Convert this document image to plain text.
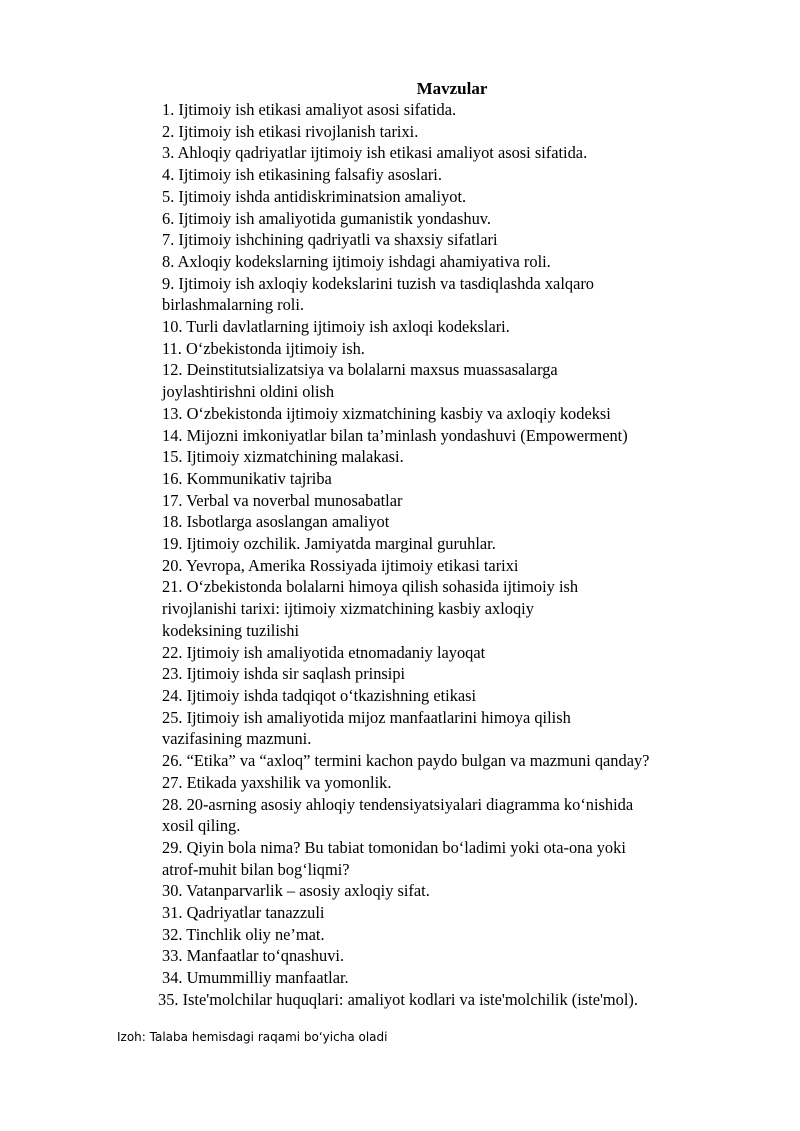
Mavzular
1. Ijtimoiy ish etikasi amaliyot asosi sifatida.
2. Ijtimoiy ish etikasi rivojlanish tarixi.
3. Ahloqiy qadriyatlar ijtimoiy ish etikasi amaliyot asosi sifatida.
4. Ijtimoiy ish etikasining falsafiy asoslari.
5. Ijtimoiy ishda antidiskriminatsion amaliyot.
6. Ijtimoiy ish amaliyotida gumanistik yondashuv.
7. Ijtimoiy ishchining qadriyatli va shaxsiy sifatlari
8. Axloqiy kodekslarning ijtimoiy ishdagi ahamiyativa roli.
9. Ijtimoiy ish axloqiy kodekslarini tuzish va tasdiqlashda xalqaro
birlashmalarning roli.
10. Turli davlatlarning ijtimoiy ish axloqi kodekslari.
11. O‘zbekistonda ijtimoiy ish.
12. Deinstitutsializatsiya va bolalarni maxsus muassasalarga
joylashtirishni oldini olish
13. O‘zbekistonda ijtimoiy xizmatchining kasbiy va axloqiy kodeksi
14. Mijozni imkoniyatlar bilan ta’minlash yondashuvi (Empowerment)
15. Ijtimoiy xizmatchining malakasi.
16. Kommunikativ tajriba
17. Verbal va noverbal munosabatlar
18. Isbotlarga asoslangan amaliyot
19. Ijtimoiy ozchilik. Jamiyatda marginal guruhlar.
20. Yevropa, Amerika Rossiyada ijtimoiy etikasi tarixi
21. O‘zbekistonda bolalarni himoya qilish sohasida ijtimoiy ish
rivojlanishi tarixi: ijtimoiy xizmatchining kasbiy axloqiy
kodeksining tuzilishi
22. Ijtimoiy ish amaliyotida etnomadaniy layoqat
23. Ijtimoiy ishda sir saqlash prinsipi
24. Ijtimoiy ishda tadqiqot o‘tkazishning etikasi
25. Ijtimoiy ish amaliyotida mijoz manfaatlarini himoya qilish
vazifasining mazmuni.
26. “Etika” va “axloq” termini kachon paydo bulgan va mazmuni qanday?
27. Etikada yaxshilik va yomonlik.
28. 20-asrning asosiy ahloqiy tendensiyatsiyalari diagramma ko‘nishida
xosil qiling.
29. Qiyin bola nima? Bu tabiat tomonidan bo‘ladimi yoki ota-ona yoki
atrof-muhit bilan bog‘liqmi?
30. Vatanparvarlik – asosiy axloqiy sifat.
31. Qadriyatlar tanazzuli
32. Tinchlik oliy ne’mat.
33. Manfaatlar to‘qnashuvi.
34. Umummilliy manfaatlar.
35. Iste'molchilar huquqlari: amaliyot kodlari va iste'molchilik (iste'mol).
Izoh: Talaba hemisdagi raqami bo‘yicha oladi
